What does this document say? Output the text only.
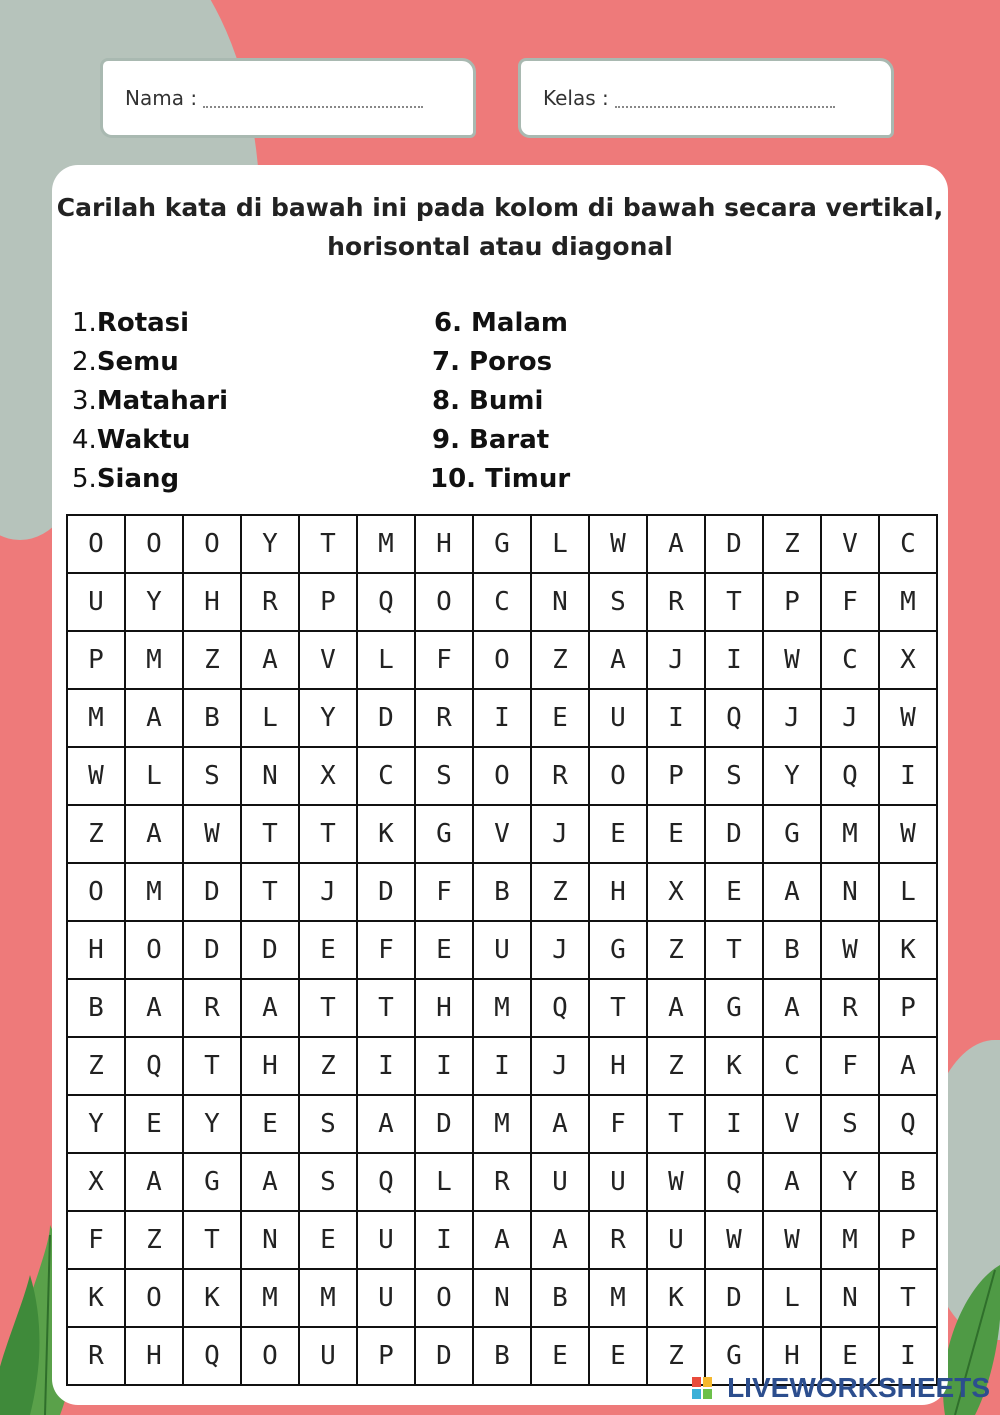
Nama :	Kelas :
Carilah kata di bawah ini pada kolom di bawah secara vertikal,
horisontal atau diagonal
1.Rotasi
2.Semu
3.Matahari
4.Waktu
5.Siang
6. Malam
7. Poros
8. Bumi
9. Barat
10. Timur
O	O	O	Y	T	M	H	G	L	W	A	D	Z	V	C
U	Y	H	R	P	Q	O	C	N	S	R	T	P	F	M
P	M	Z	A	V	L	F	O	Z	A	J	I	W	C	X
M	A	B	L	Y	D	R	I	E	U	I	Q	J	J	W
W	L	S	N	X	C	S	O	R	O	P	S	Y	Q	I
Z	A	W	T	T	K	G	V	J	E	E	D	G	M	W
O	M	D	T	J	D	F	B	Z	H	X	E	A	N	L
H	O	D	D	E	F	E	U	J	G	Z	T	B	W	K
B	A	R	A	T	T	H	M	Q	T	A	G	A	R	P
Z	Q	T	H	Z	I	I	I	J	H	Z	K	C	F	A
Y	E	Y	E	S	A	D	M	A	F	T	I	V	S	Q
X	A	G	A	S	Q	L	R	U	U	W	Q	A	Y	B
F	Z	T	N	E	U	I	A	A	R	U	W	W	M	P
K	O	K	M	M	U	O	N	B	M	K	D	L	N	T
R	H	Q	O	U	P	D	B	E	E	Z	G	H	E	I
LIVEWORKSHEETS
